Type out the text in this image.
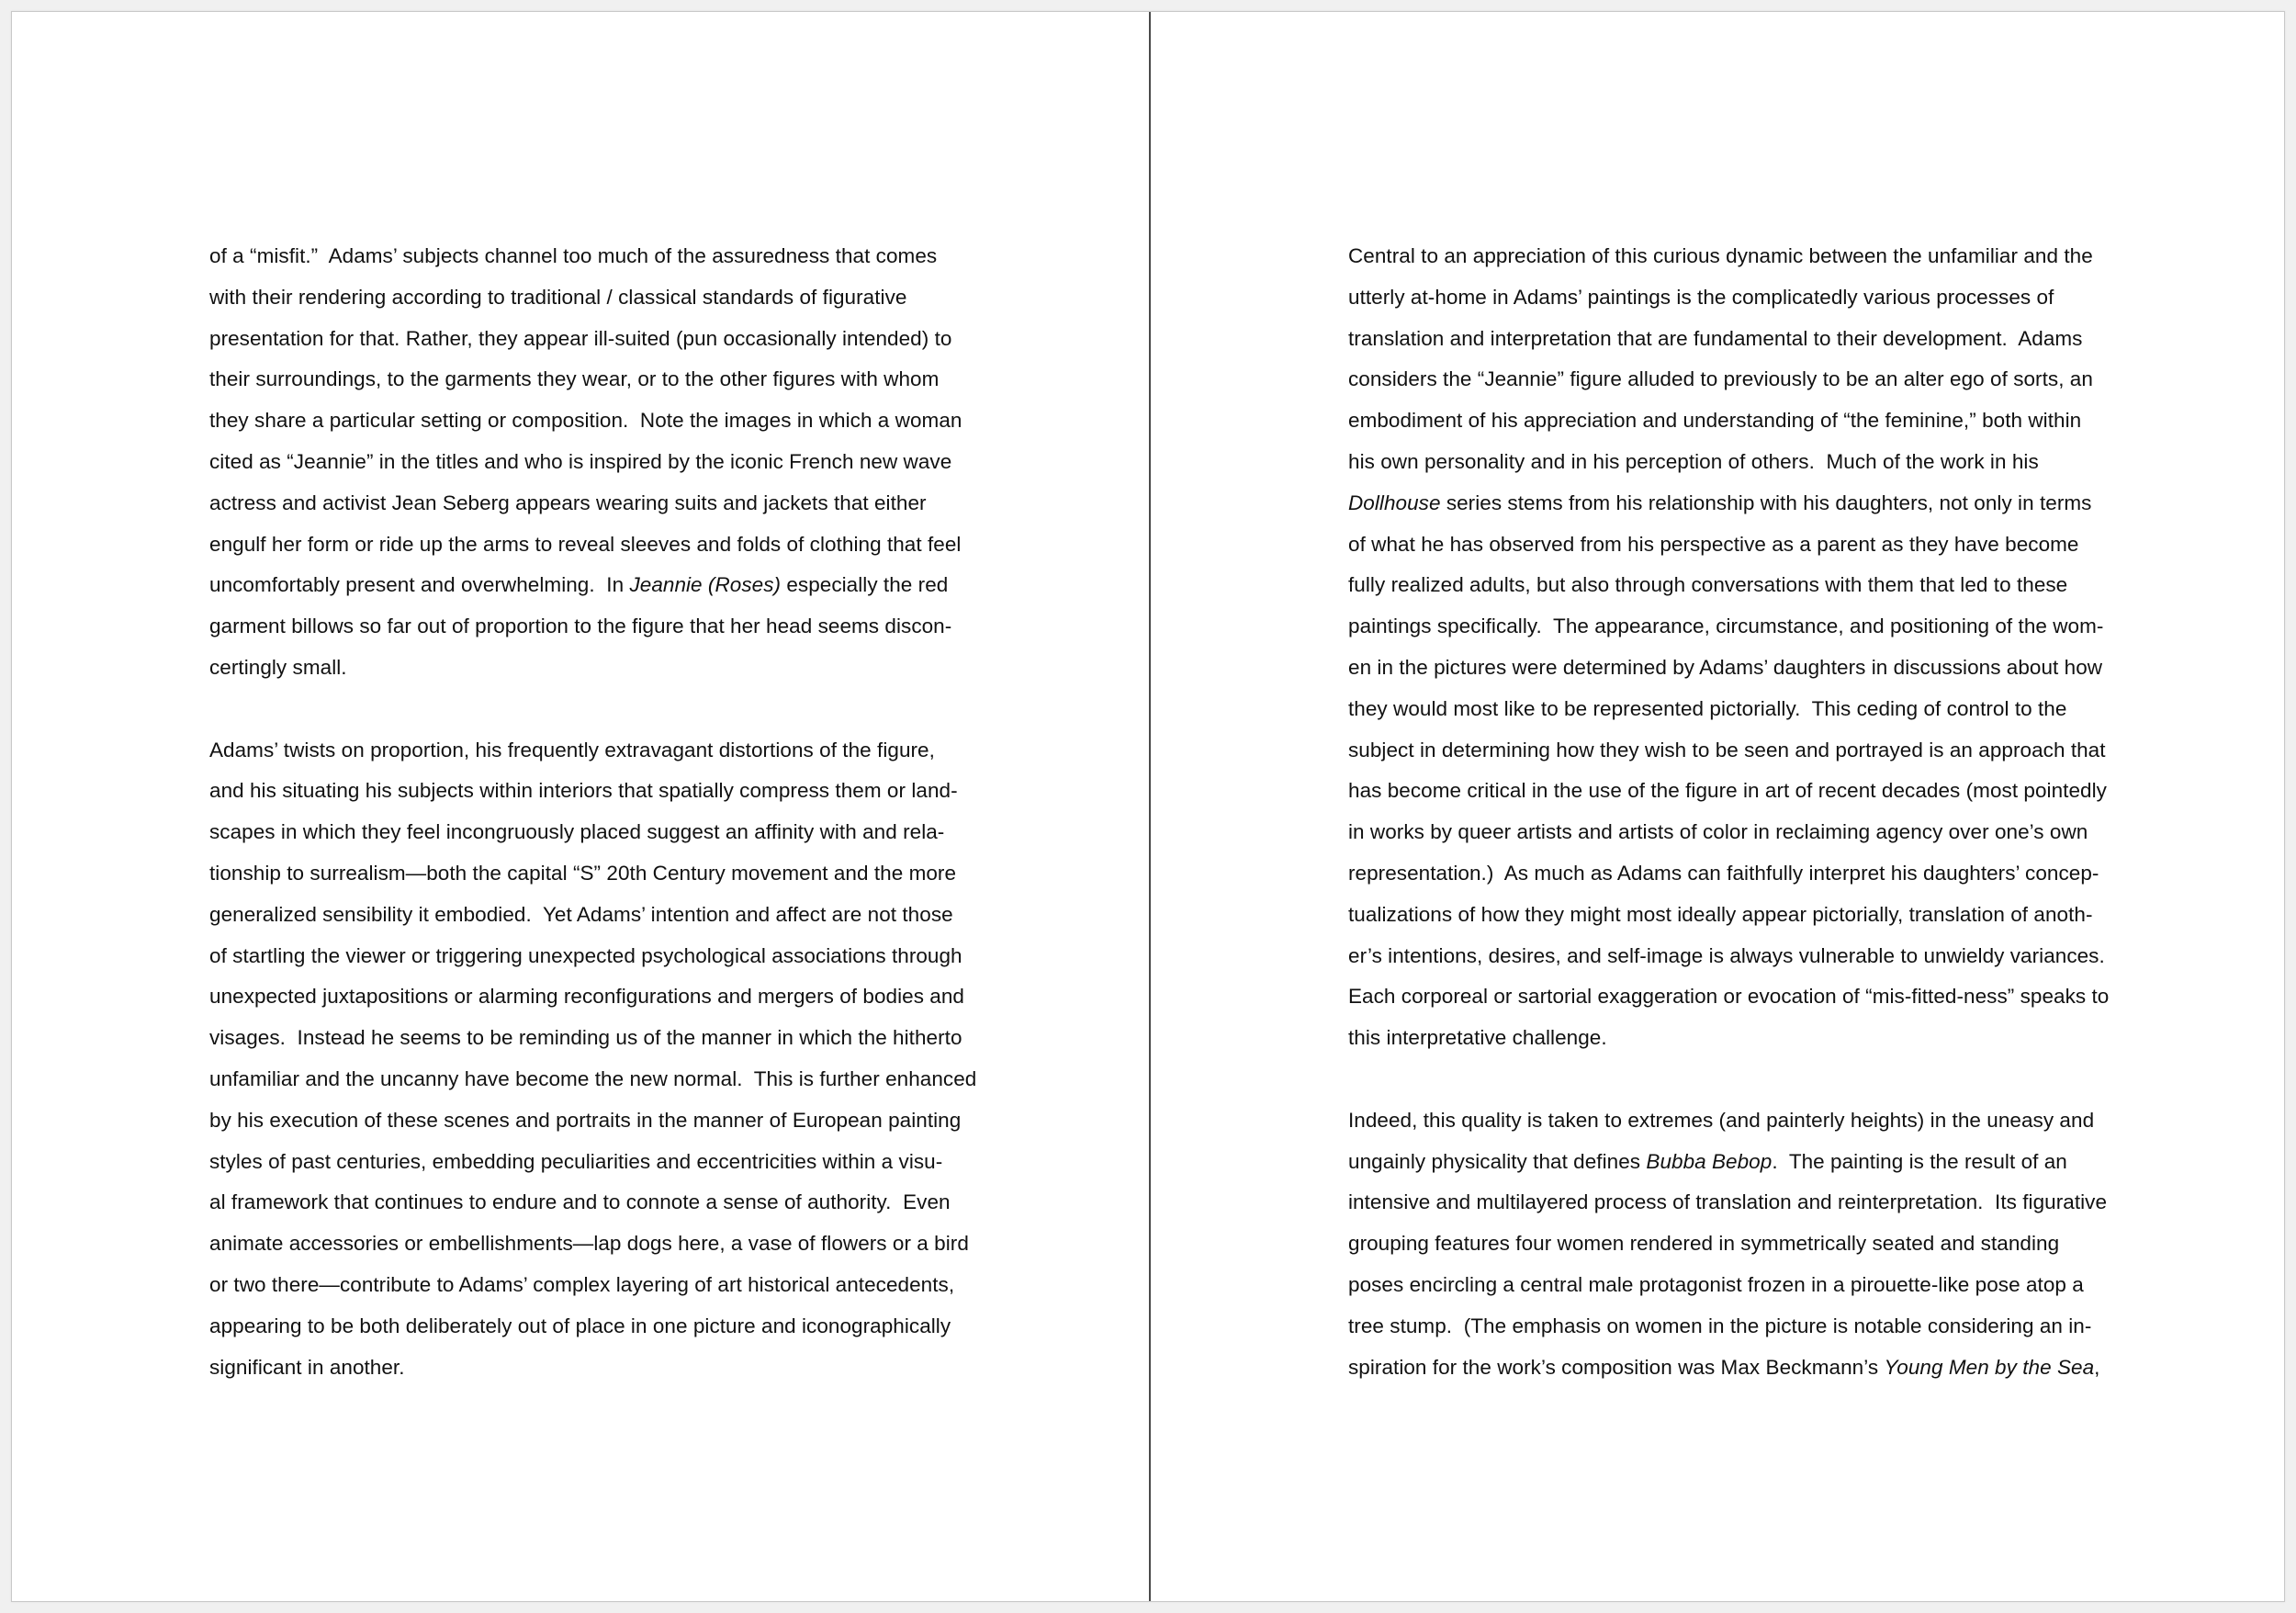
of a “misfit.”  Adams’ subjects channel too much of the assuredness that comes
with their rendering according to traditional / classical standards of figurative
presentation for that. Rather, they appear ill-suited (pun occasionally intended) to
their surroundings, to the garments they wear, or to the other figures with whom
they share a particular setting or composition.  Note the images in which a woman
cited as “Jeannie” in the titles and who is inspired by the iconic French new wave
actress and activist Jean Seberg appears wearing suits and jackets that either
engulf her form or ride up the arms to reveal sleeves and folds of clothing that feel
uncomfortably present and overwhelming.  In Jeannie (Roses) especially the red
garment billows so far out of proportion to the figure that her head seems discon-
certingly small.
Adams’ twists on proportion, his frequently extravagant distortions of the figure,
and his situating his subjects within interiors that spatially compress them or land-
scapes in which they feel incongruously placed suggest an affinity with and rela-
tionship to surrealism—both the capital “S” 20th Century movement and the more
generalized sensibility it embodied.  Yet Adams’ intention and affect are not those
of startling the viewer or triggering unexpected psychological associations through
unexpected juxtapositions or alarming reconfigurations and mergers of bodies and
visages.  Instead he seems to be reminding us of the manner in which the hitherto
unfamiliar and the uncanny have become the new normal.  This is further enhanced
by his execution of these scenes and portraits in the manner of European painting
styles of past centuries, embedding peculiarities and eccentricities within a visu-
al framework that continues to endure and to connote a sense of authority.  Even
animate accessories or embellishments—lap dogs here, a vase of flowers or a bird
or two there—contribute to Adams’ complex layering of art historical antecedents,
appearing to be both deliberately out of place in one picture and iconographically
significant in another.
Central to an appreciation of this curious dynamic between the unfamiliar and the
utterly at-home in Adams’ paintings is the complicatedly various processes of
translation and interpretation that are fundamental to their development.  Adams
considers the “Jeannie” figure alluded to previously to be an alter ego of sorts, an
embodiment of his appreciation and understanding of “the feminine,” both within
his own personality and in his perception of others.  Much of the work in his
Dollhouse series stems from his relationship with his daughters, not only in terms
of what he has observed from his perspective as a parent as they have become
fully realized adults, but also through conversations with them that led to these
paintings specifically.  The appearance, circumstance, and positioning of the wom-
en in the pictures were determined by Adams’ daughters in discussions about how
they would most like to be represented pictorially.  This ceding of control to the
subject in determining how they wish to be seen and portrayed is an approach that
has become critical in the use of the figure in art of recent decades (most pointedly
in works by queer artists and artists of color in reclaiming agency over one’s own
representation.)  As much as Adams can faithfully interpret his daughters’ concep-
tualizations of how they might most ideally appear pictorially, translation of anoth-
er’s intentions, desires, and self-image is always vulnerable to unwieldy variances.
Each corporeal or sartorial exaggeration or evocation of “mis-fitted-ness” speaks to
this interpretative challenge.
Indeed, this quality is taken to extremes (and painterly heights) in the uneasy and
ungainly physicality that defines Bubba Bebop.  The painting is the result of an
intensive and multilayered process of translation and reinterpretation.  Its figurative
grouping features four women rendered in symmetrically seated and standing
poses encircling a central male protagonist frozen in a pirouette-like pose atop a
tree stump.  (The emphasis on women in the picture is notable considering an in-
spiration for the work’s composition was Max Beckmann’s Young Men by the Sea,
